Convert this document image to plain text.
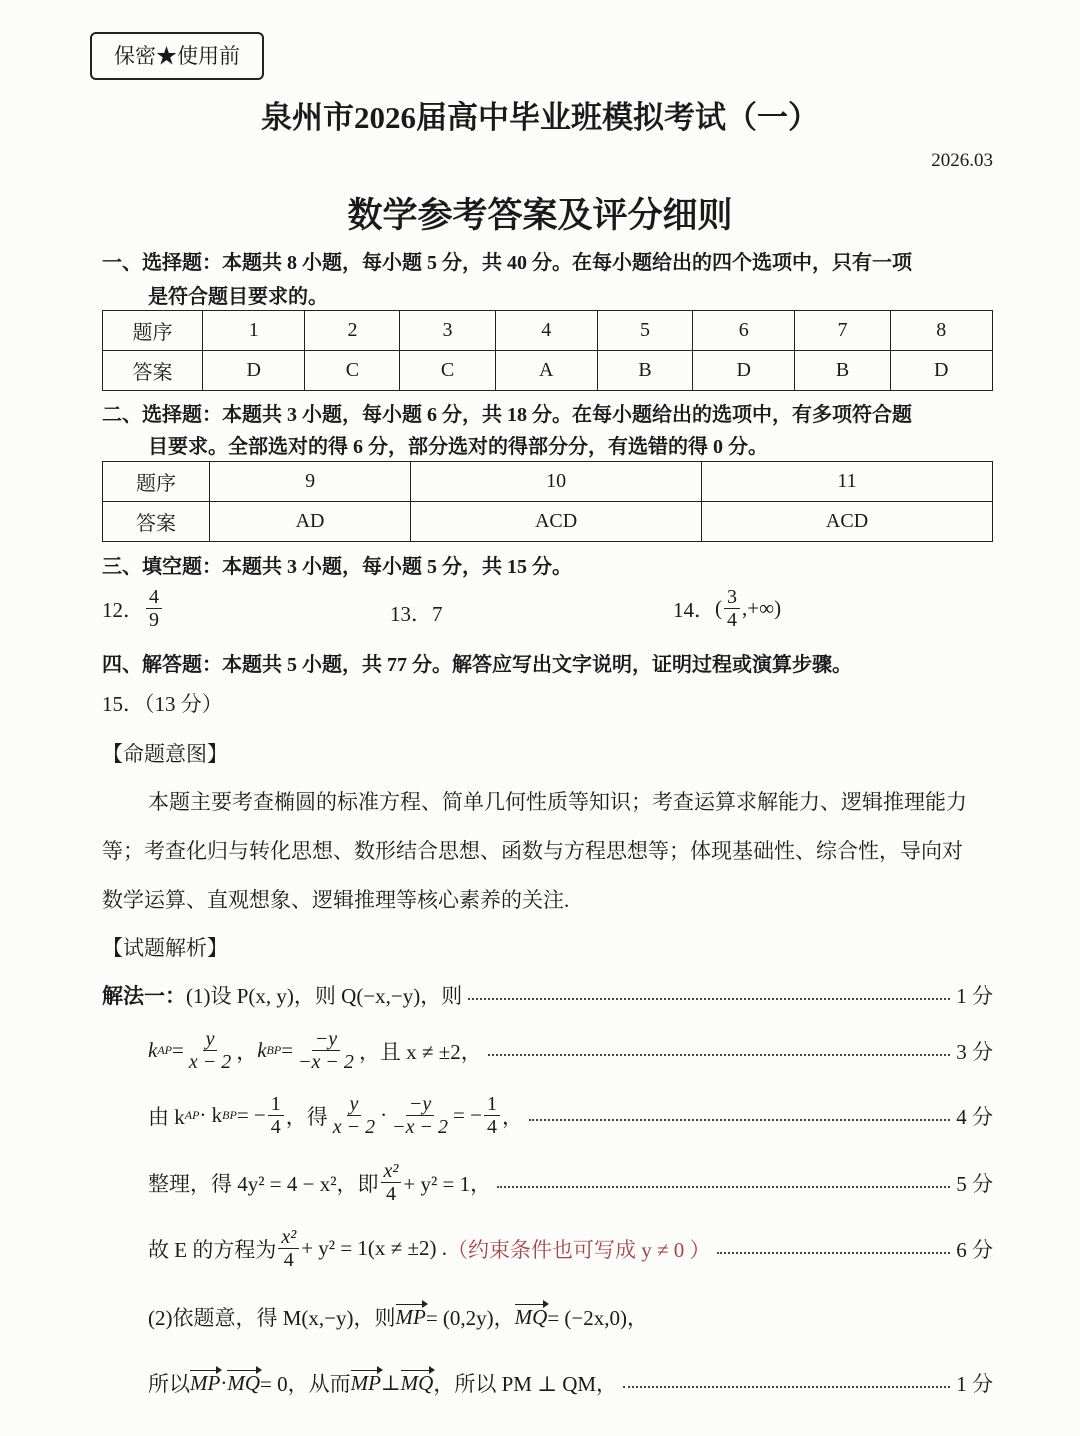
保密★使用前
泉州市2026届高中毕业班模拟考试（一）
2026.03
数学参考答案及评分细则
一、选择题：本题共 8 小题，每小题 5 分，共 40 分。在每小题给出的四个选项中，只有一项
是符合题目要求的。
题序	1	2	3	4	5	6	7	8
答案	D	C	C	A	B	D	B	D
二、选择题：本题共 3 小题，每小题 6 分，共 18 分。在每小题给出的选项中，有多项符合题
目要求。全部选对的得 6 分，部分选对的得部分分，有选错的得 0 分。
题序	9	10	11
答案	AD	ACD	ACD
三、填空题：本题共 3 小题，每小题 5 分，共 15 分。
12． $\frac{4}{9}$	13．7	14． ( $\frac{3}{4}$ ,+∞)
四、解答题：本题共 5 小题，共 77 分。解答应写出文字说明，证明过程或演算步骤。
15．（13 分）
【命题意图】
本题主要考查椭圆的标准方程、简单几何性质等知识；考查运算求解能力、逻辑推理能力
等；考查化归与转化思想、数形结合思想、函数与方程思想等；体现基础性、综合性，导向对
数学运算、直观想象、逻辑推理等核心素养的关注.
【试题解析】
解法一： (1)设 P(x, y)，则 Q(−x,−y)，则	1 分
k AP = $\frac{y}{x - 2}$ ， k BP = $\frac{-y}{-x - 2}$ ，且 x ≠ ±2，	3 分
由 k AP · k BP = − $\frac{1}{4}$ ，得 $\frac{y}{x - 2} \cdot \frac{-y}{-x - 2}$ = − $\frac{1}{4}$ ，	4 分
整理，得 4y² = 4 − x²，即 $\frac{\text{x²}}{4} + y^2 = 1$，	5 分
故 E 的方程为 $\frac{\text{x²}}{4} + y^2 = 1(x \ne \pm 2)$ . （约束条件也可写成 y ≠ 0 ）	6 分
(2)依题意，得 M(x,−y)，则 MP = (0,2y)， MQ = (−2x,0)，
所以 MP · MQ = 0，从而 MP ⊥ MQ ，所以 PM ⊥ QM，	1 分
